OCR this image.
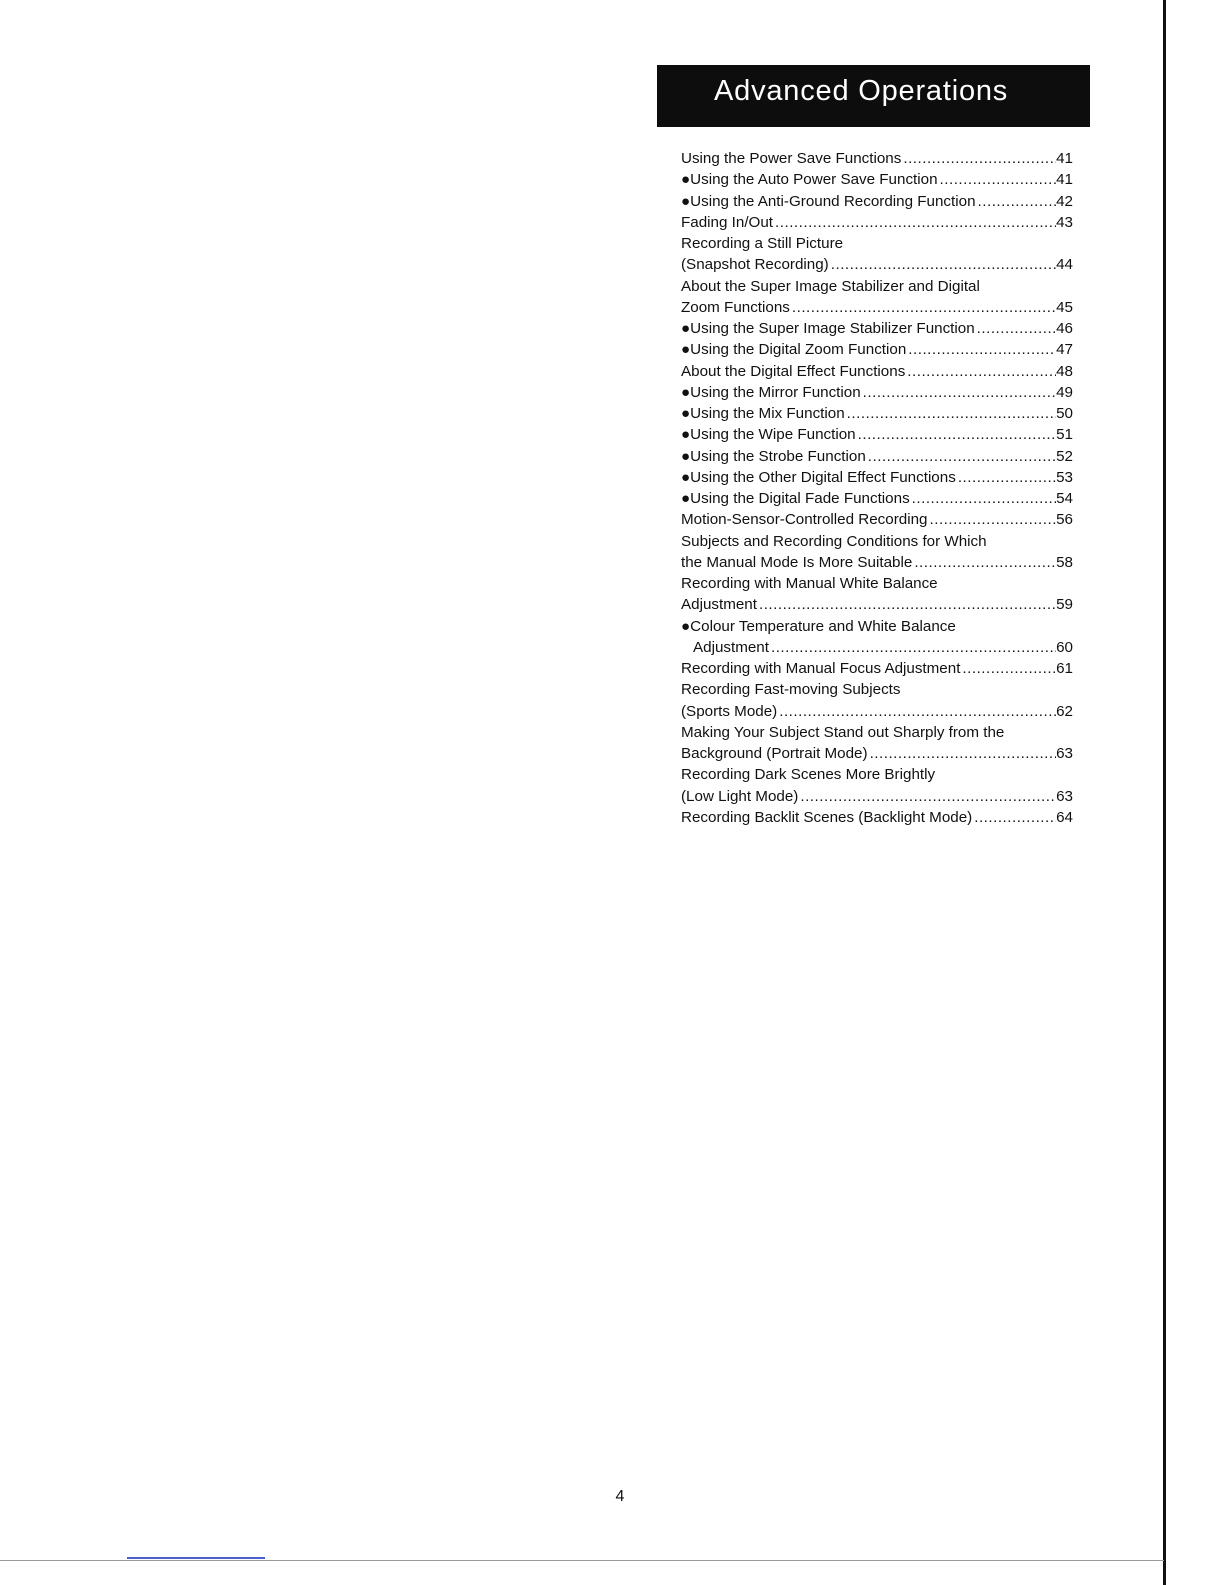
Advanced Operations
Using the Power Save Functions .....	41
●Using the Auto Power Save Function .....	41
●Using the Anti-Ground Recording Function .....	42
Fading In/Out .....	43
Recording a Still Picture
(Snapshot Recording) .....	44
About the Super Image Stabilizer and Digital
Zoom Functions .....	45
●Using the Super Image Stabilizer Function .....	46
●Using the Digital Zoom Function .....	47
About the Digital Effect Functions .....	48
●Using the Mirror Function .....	49
●Using the Mix Function .....	50
●Using the Wipe Function .....	51
●Using the Strobe Function .....	52
●Using the Other Digital Effect Functions .....	53
●Using the Digital Fade Functions .....	54
Motion-Sensor-Controlled Recording .....	56
Subjects and Recording Conditions for Which
the Manual Mode Is More Suitable .....	58
Recording with Manual White Balance
Adjustment .....	59
●Colour Temperature and White Balance
Adjustment .....	60
Recording with Manual Focus Adjustment .....	61
Recording Fast-moving Subjects
(Sports Mode) .....	62
Making Your Subject Stand out Sharply from the
Background (Portrait Mode) .....	63
Recording Dark Scenes More Brightly
(Low Light Mode) .....	63
Recording Backlit Scenes (Backlight Mode) .....	64
4
